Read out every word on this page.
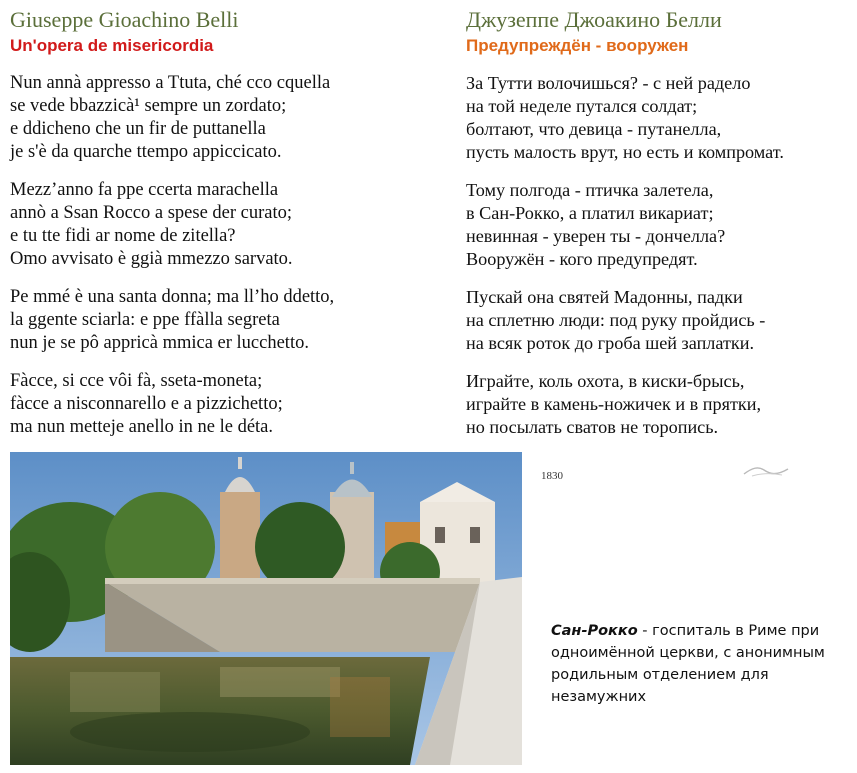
Giuseppe Gioachino Belli
Un'opera de misericordia
Nun annà appresso a Ttuta, ché cco cquella
se vede bbazzicà¹ sempre un zordato;
e ddicheno che un fir de puttanella
je s'è da quarche ttempo appiccicato.
Mezz’anno fa ppe ccerta marachella
annò a Ssan Rocco a spese der curato;
e tu tte fidi ar nome de zitella?
Omo avvisato è ggià mmezzo sarvato.
Pe mmé è una santa donna; ma ll’ho ddetto,
la ggente sciarla: e ppe ffàlla segreta
nun je se pô appricà mmica er lucchetto.
Fàcce, si cce vôi fà, sseta-moneta;
fàcce a nisconnarello e a pizzichetto;
ma nun metteje anello in ne le déta.
Джузеппе Джоакино Белли
Предупреждён - вооружен
За Тутти волочишься? - с ней радело
на той неделе путался солдат;
болтают, что девица - путанелла,
пусть малость врут, но есть и компромат.
Тому полгода - птичка залетела,
в Сан-Рокко, а платил викариат;
невинная - уверен ты - дончелла?
Вооружён - кого предупредят.
Пускай она святей Мадонны, падки
на сплетню люди: под руку пройдись -
на всяк роток до гроба шей заплатки.
Играйте, коль охота, в киски-брысь,
играйте в камень-ножичек и в прятки,
но посылать сватов не торопись.
1830
Сан-Рокко - госпиталь в Риме при одноимённой церкви, с анонимным родильным отделением для незамужних
